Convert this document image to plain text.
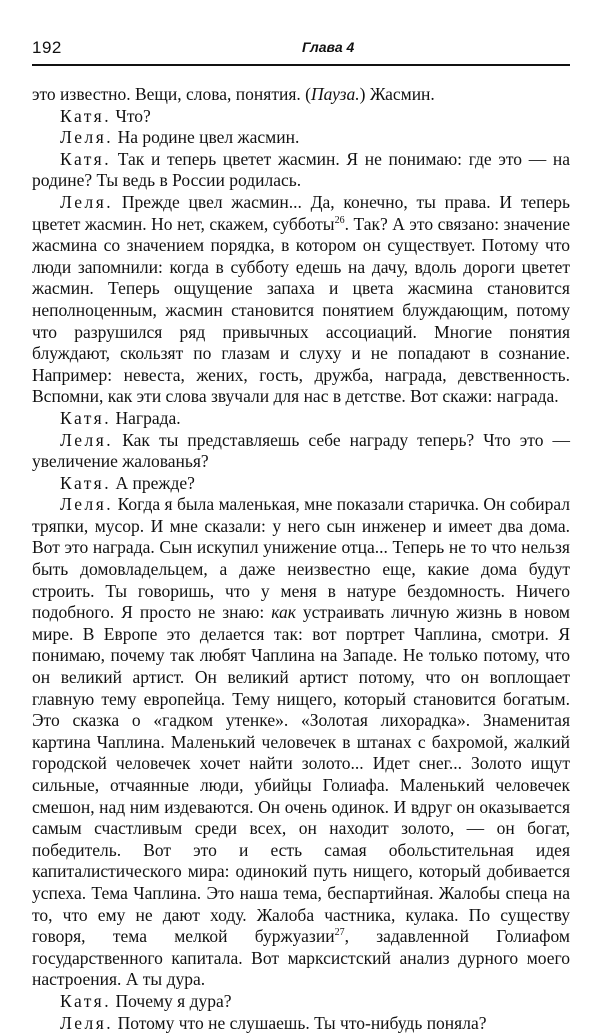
192	Глава 4

это известно. Вещи, слова, понятия. (Пауза.) Жасмин.

Катя. Что?

Леля. На родине цвел жасмин.

Катя. Так и теперь цветет жасмин. Я не понимаю: где это — на родине? Ты ведь в России родилась.

Леля. Прежде цвел жасмин... Да, конечно, ты права. И теперь цветет жасмин. Но нет, скажем, субботы$^{26}$. Так? А это связано: значение жасмина со значением порядка, в котором он существует. Потому что люди запомнили: когда в субботу едешь на дачу, вдоль дороги цветет жасмин. Теперь ощущение запаха и цвета жасмина становится неполноценным, жасмин становится понятием блуждающим, потому что разрушился ряд привычных ассоциаций. Многие понятия блуждают, скользят по глазам и слуху и не попадают в сознание. Например: невеста, жених, гость, дружба, награда, девственность. Вспомни, как эти слова звучали для нас в детстве. Вот скажи: награда.

Катя. Награда.

Леля. Как ты представляешь себе награду теперь? Что это — увеличение жалованья?

Катя. А прежде?

Леля. Когда я была маленькая, мне показали старичка. Он собирал тряпки, мусор. И мне сказали: у него сын инженер и имеет два дома. Вот это награда. Сын искупил унижение отца... Теперь не то что нельзя быть домовладельцем, а даже неизвестно еще, какие дома будут строить. Ты говоришь, что у меня в натуре бездомность. Ничего подобного. Я просто не знаю: как устраивать личную жизнь в новом мире. В Европе это делается так: вот портрет Чаплина, смотри. Я понимаю, почему так любят Чаплина на Западе. Не только потому, что он великий артист. Он великий артист потому, что он воплощает главную тему европейца. Тему нищего, который становится богатым. Это сказка о «гадком утенке». «Золотая лихорадка». Знаменитая картина Чаплина. Маленький человечек в штанах с бахромой, жалкий городской человечек хочет найти золото... Идет снег... Золото ищут сильные, отчаянные люди, убийцы Голиафа. Маленький человечек смешон, над ним издеваются. Он очень одинок. И вдруг он оказывается самым счастливым среди всех, он находит золото, — он богат, победитель. Вот это и есть самая обольстительная идея капиталистического мира: одинокий путь нищего, который добивается успеха. Тема Чаплина. Это наша тема, беспартийная. Жалобы спеца на то, что ему не дают ходу. Жалоба частника, кулака. По существу говоря, тема мелкой буржуазии$^{27}$, задавленной Голиафом государственного капитала. Вот марксистский анализ дурного моего настроения. А ты дура.

Катя. Почему я дура?

Леля. Потому что не слушаешь. Ты что-нибудь поняла?
